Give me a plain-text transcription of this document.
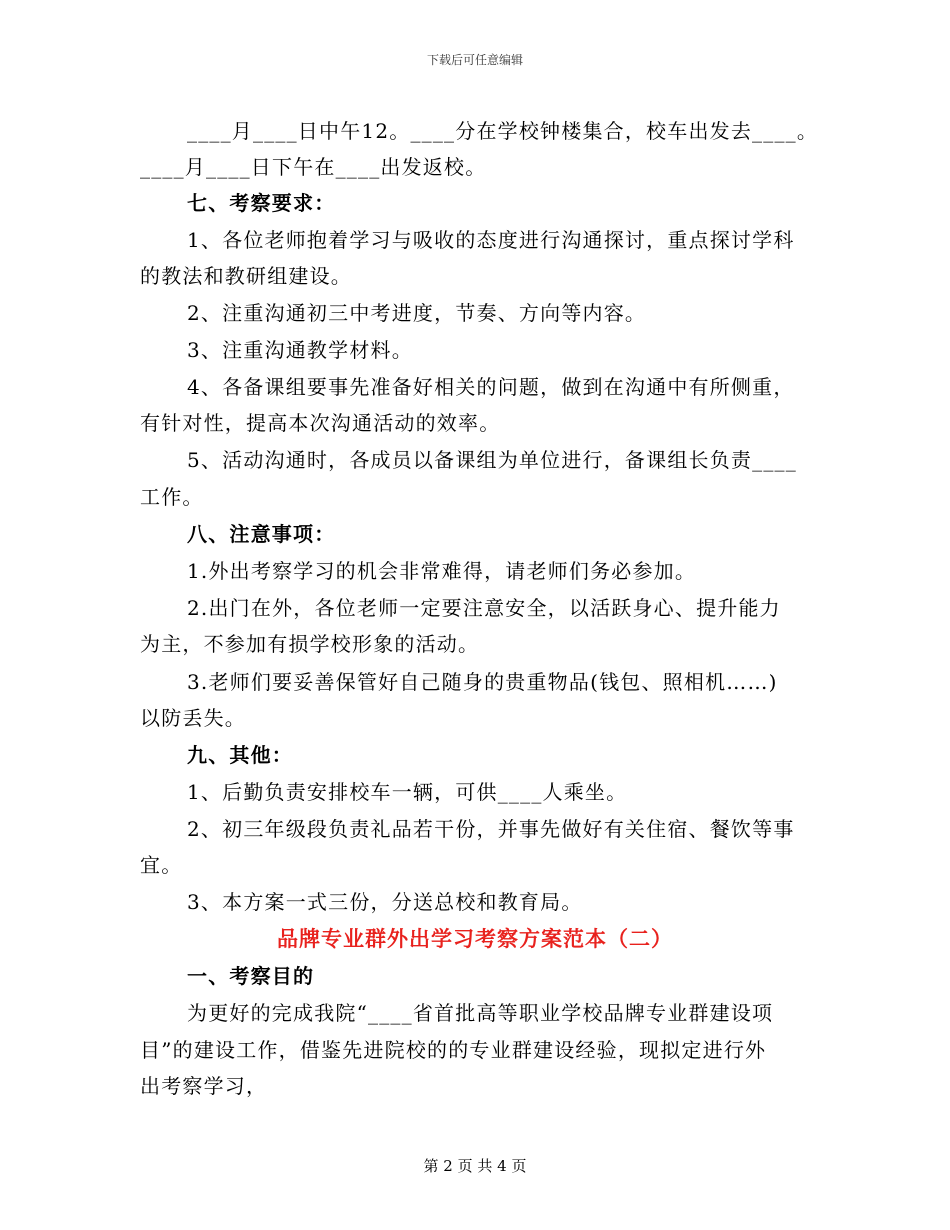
下载后可任意编辑
____月____日中午12。____分在学校钟楼集合，校车出发去____。
____月____日下午在____出发返校。
七、考察要求：
1、各位老师抱着学习与吸收的态度进行沟通探讨，重点探讨学科
的教法和教研组建设。
2、注重沟通初三中考进度，节奏、方向等内容。
3、注重沟通教学材料。
4、各备课组要事先准备好相关的问题，做到在沟通中有所侧重，
有针对性，提高本次沟通活动的效率。
5、活动沟通时，各成员以备课组为单位进行，备课组长负责____
工作。
八、注意事项：
1.外出考察学习的机会非常难得，请老师们务必参加。
2.出门在外，各位老师一定要注意安全，以活跃身心、提升能力
为主，不参加有损学校形象的活动。
3.老师们要妥善保管好自己随身的贵重物品(钱包、照相机……)
以防丢失。
九、其他：
1、后勤负责安排校车一辆，可供____人乘坐。
2、初三年级段负责礼品若干份，并事先做好有关住宿、餐饮等事
宜。
3、本方案一式三份，分送总校和教育局。
品牌专业群外出学习考察方案范本（二）
一、考察目的
为更好的完成我院“____省首批高等职业学校品牌专业群建设项
目”的建设工作，借鉴先进院校的的专业群建设经验，现拟定进行外
出考察学习，
第 2 页 共 4 页
